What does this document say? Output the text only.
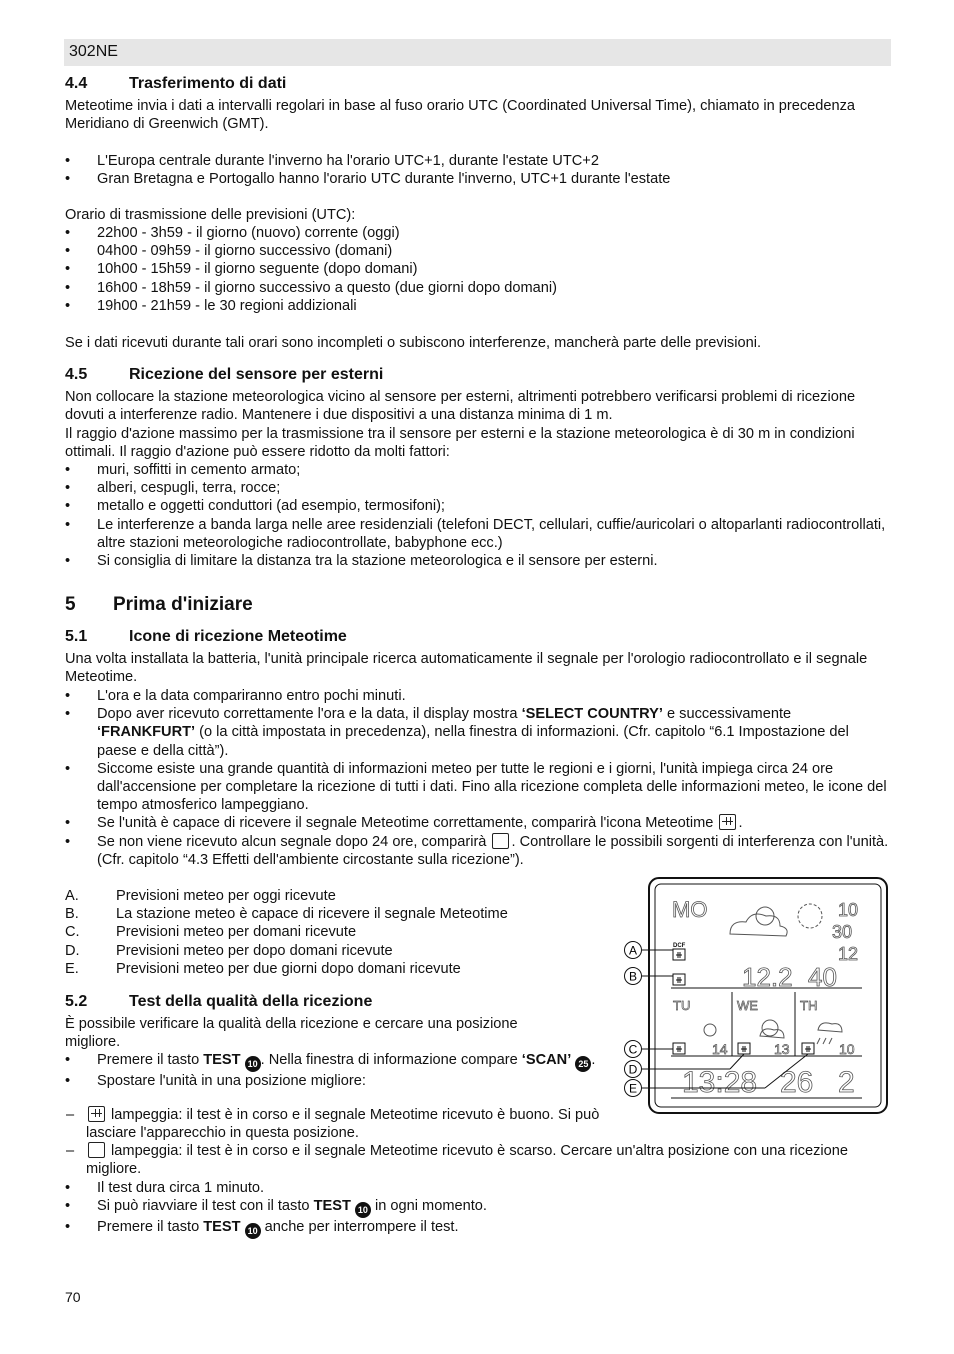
302NE
4.4	Trasferimento di dati
Meteotime invia i dati a intervalli regolari in base al fuso orario UTC (Coordinated Universal Time), chiamato in precedenza Meridiano di Greenwich (GMT).
• L'Europa centrale durante l'inverno ha l'orario UTC+1, durante l'estate UTC+2
• Gran Bretagna e Portogallo hanno l'orario UTC durante l'inverno, UTC+1 durante l'estate
Orario di trasmissione delle previsioni (UTC):
• 22h00 - 3h59 - il giorno (nuovo) corrente (oggi)
• 04h00 - 09h59 - il giorno successivo (domani)
• 10h00 - 15h59 - il giorno seguente (dopo domani)
• 16h00 - 18h59 - il giorno successivo a questo (due giorni dopo domani)
• 19h00 - 21h59 - le 30 regioni addizionali
Se i dati ricevuti durante tali orari sono incompleti o subiscono interferenze, mancherà parte delle previsioni.
4.5	Ricezione del sensore per esterni
Non collocare la stazione meteorologica vicino al sensore per esterni, altrimenti potrebbero verificarsi problemi di ricezione dovuti a interferenze radio. Mantenere i due dispositivi a una distanza minima di 1 m.
Il raggio d'azione massimo per la trasmissione tra il sensore per esterni e la stazione meteorologica è di 30 m in condizioni ottimali. Il raggio d'azione può essere ridotto da molti fattori:
• muri, soffitti in cemento armato;
• alberi, cespugli, terra, rocce;
• metallo e oggetti conduttori (ad esempio, termosifoni);
• Le interferenze a banda larga nelle aree residenziali (telefoni DECT, cellulari, cuffie/auricolari o altoparlanti radiocontrollati, altre stazioni meteorologiche radiocontrollate, babyphone ecc.)
• Si consiglia di limitare la distanza tra la stazione meteorologica e il sensore per esterni.
5 Prima d'iniziare
5.1	Icone di ricezione Meteotime
Una volta installata la batteria, l'unità principale ricerca automaticamente il segnale per l'orologio radiocontrollato e il segnale Meteotime.
• L'ora e la data compariranno entro pochi minuti.
• Dopo aver ricevuto correttamente l'ora e la data, il display mostra ‘SELECT COUNTRY’ e successivamente ‘FRANKFURT’ (o la città impostata in precedenza), nella finestra di informazioni. (Cfr. capitolo “6.1 Impostazione del paese e della città”).
• Siccome esiste una grande quantità di informazioni meteo per tutte le regioni e i giorni, l'unità impiega circa 24 ore dall'accensione per completare la ricezione di tutti i dati. Fino alla ricezione completa delle informazioni meteo, le icone del tempo atmosferico lampeggiano.
• Se l'unità è capace di ricevere il segnale Meteotime correttamente, comparirà l'icona Meteotime .
• Se non viene ricevuto alcun segnale dopo 24 ore, comparirà . Controllare le possibili sorgenti di interferenza con l'unità. (Cfr. capitolo “4.3 Effetti dell'ambiente circostante sulla ricezione”).
A.	Previsioni meteo per oggi ricevute
B.	La stazione meteo è capace di ricevere il segnale Meteotime
C. Previsioni meteo per domani ricevute
D. Previsioni meteo per dopo domani ricevute
E.	Previsioni meteo per due giorni dopo domani ricevute
5.2	Test della qualità della ricezione
È possibile verificare la qualità della ricezione e cercare una posizione migliore.
• Premere il tasto TEST 10 . Nella finestra di informazione compare ‘SCAN’ 25 .
• Spostare l'unità in una posizione migliore:
– lampeggia: il test è in corso e il segnale Meteotime ricevuto è buono. Si può lasciare l'apparecchio in questa posizione.
– lampeggia: il test è in corso e il segnale Meteotime ricevuto è scarso. Cercare un'altra posizione con una ricezione migliore.
• Il test dura circa 1 minuto.
• Si può riavviare il test con il tasto TEST 10 in ogni momento.
• Premere il tasto TEST 10 anche per interrompere il test.
MO	10
30
12
12.2 40
TU	WE	TH
14	13	10
13:28 26 2
DCF
A
B
C
D
E
70
